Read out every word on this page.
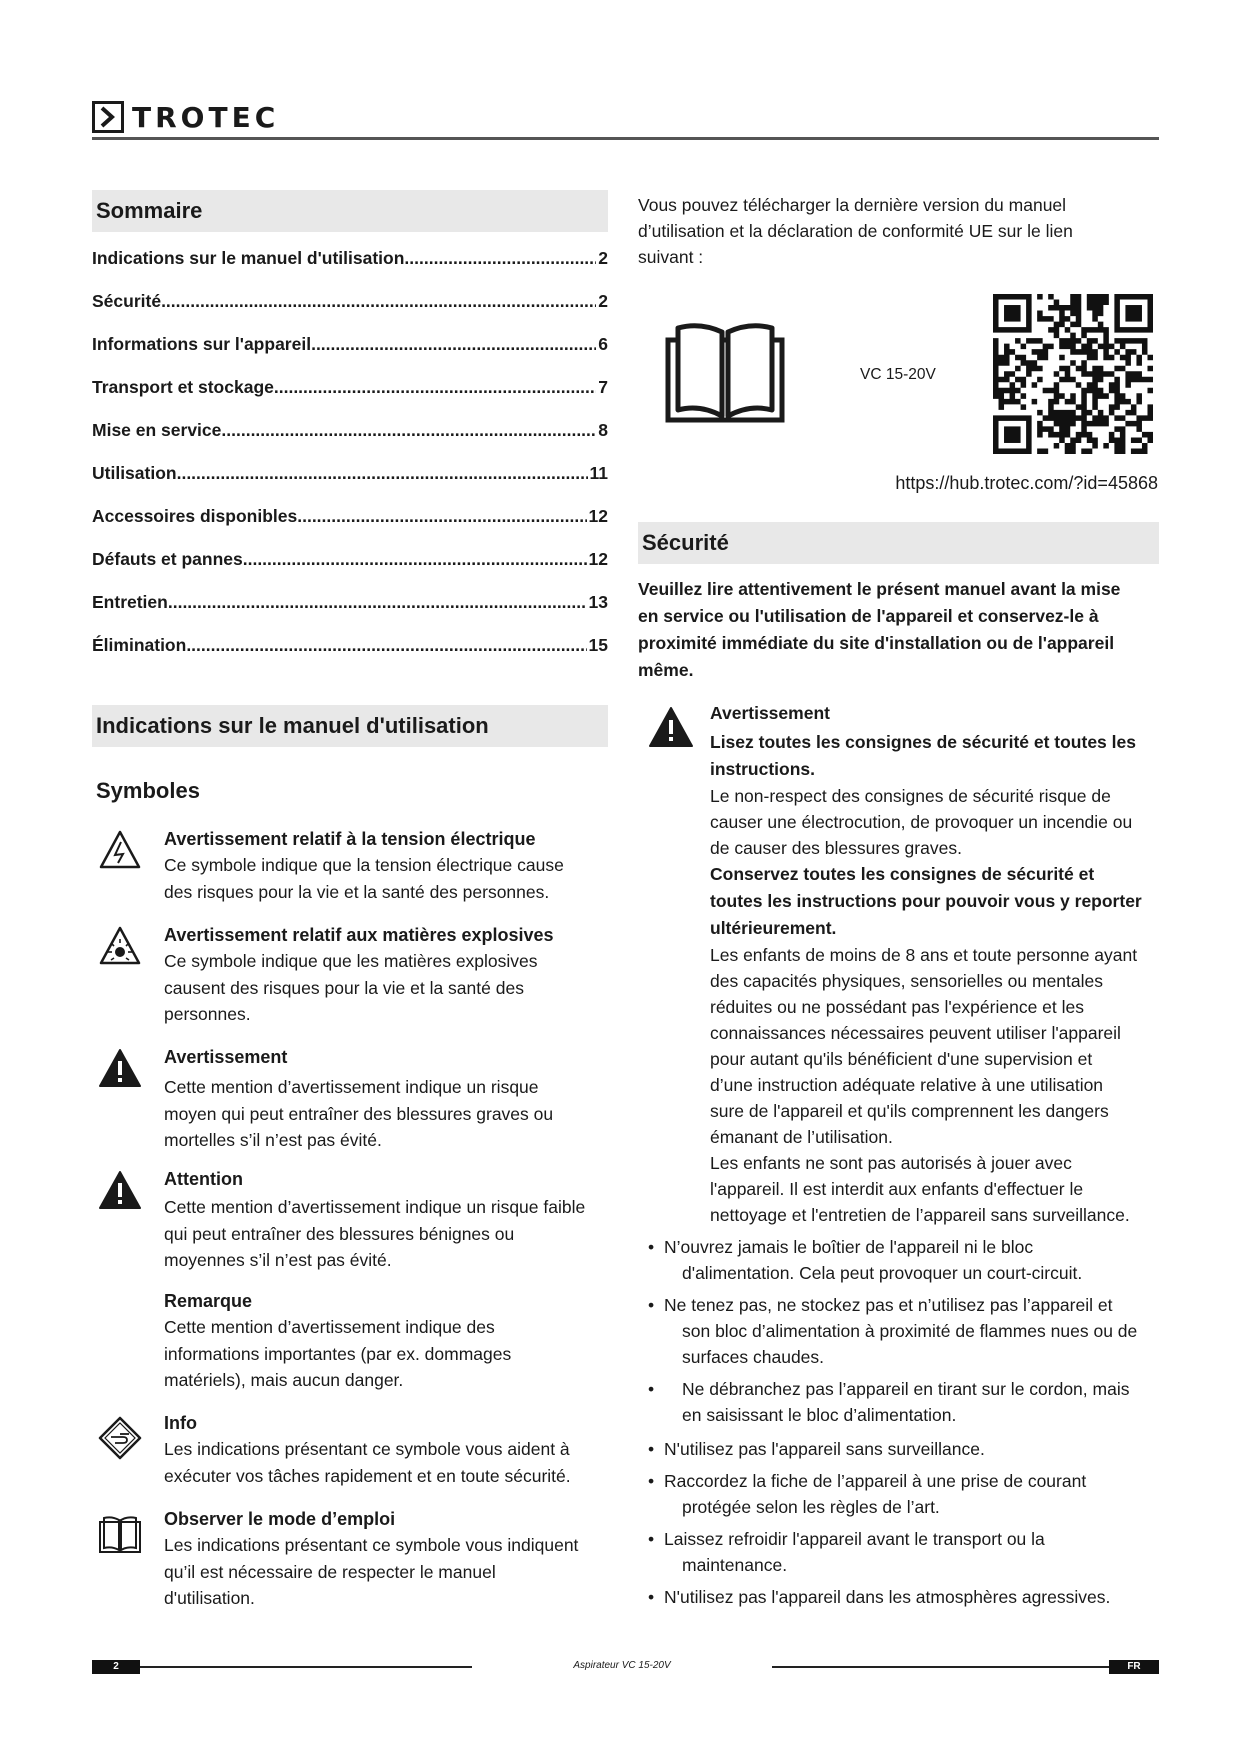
TROTEC
Sommaire
Indications sur le manuel d'utilisation .....	2
Sécurité .....	2
Informations sur l'appareil .....	6
Transport et stockage .....	7
Mise en service .....	8
Utilisation .....	11
Accessoires disponibles .....	12
Défauts et pannes .....	12
Entretien .....	13
Élimination .....	15
Indications sur le manuel d'utilisation
Symboles
Avertissement relatif à la tension électrique
Ce symbole indique que la tension électrique cause
des risques pour la vie et la santé des personnes.
Avertissement relatif aux matières explosives
Ce symbole indique que les matières explosives
causent des risques pour la vie et la santé des
personnes.
Avertissement
Cette mention d’avertissement indique un risque
moyen qui peut entraîner des blessures graves ou
mortelles s’il n’est pas évité.
Attention
Cette mention d’avertissement indique un risque faible
qui peut entraîner des blessures bénignes ou
moyennes s’il n’est pas évité.
Remarque
Cette mention d’avertissement indique des
informations importantes (par ex. dommages
matériels), mais aucun danger.
Info
Les indications présentant ce symbole vous aident à
exécuter vos tâches rapidement et en toute sécurité.
Observer le mode d’emploi
Les indications présentant ce symbole vous indiquent
qu’il est nécessaire de respecter le manuel
d'utilisation.
Vous pouvez télécharger la dernière version du manuel
d’utilisation et la déclaration de conformité UE sur le lien
suivant :
VC 15-20V
https://hub.trotec.com/?id=45868
Sécurité
Veuillez lire attentivement le présent manuel avant la mise
en service ou l'utilisation de l'appareil et conservez-le à
proximité immédiate du site d'installation ou de l'appareil
même.
Avertissement
Lisez toutes les consignes de sécurité et toutes les
instructions.
Le non-respect des consignes de sécurité risque de
causer une électrocution, de provoquer un incendie ou
de causer des blessures graves.
Conservez toutes les consignes de sécurité et
toutes les instructions pour pouvoir vous y reporter
ultérieurement.
Les enfants de moins de 8 ans et toute personne ayant
des capacités physiques, sensorielles ou mentales
réduites ou ne possédant pas l'expérience et les
connaissances nécessaires peuvent utiliser l'appareil
pour autant qu'ils bénéficient d'une supervision et
d’une instruction adéquate relative à une utilisation
sure de l'appareil et qu'ils comprennent les dangers
émanant de l’utilisation.
Les enfants ne sont pas autorisés à jouer avec
l'appareil. Il est interdit aux enfants d'effectuer le
nettoyage et l'entretien de l’appareil sans surveillance.
• N’ouvrez jamais le boîtier de l'appareil ni le bloc
d'alimentation. Cela peut provoquer un court-circuit.
• Ne tenez pas, ne stockez pas et n’utilisez pas l’appareil et
son bloc d’alimentation à proximité de flammes nues ou de
surfaces chaudes.
•	Ne débranchez pas l’appareil en tirant sur le cordon, mais
en saisissant le bloc d’alimentation.
• N'utilisez pas l'appareil sans surveillance.
• Raccordez la fiche de l’appareil à une prise de courant
protégée selon les règles de l’art.
• Laissez refroidir l'appareil avant le transport ou la
maintenance.
• N'utilisez pas l'appareil dans les atmosphères agressives.
2	Aspirateur VC 15-20V	FR
